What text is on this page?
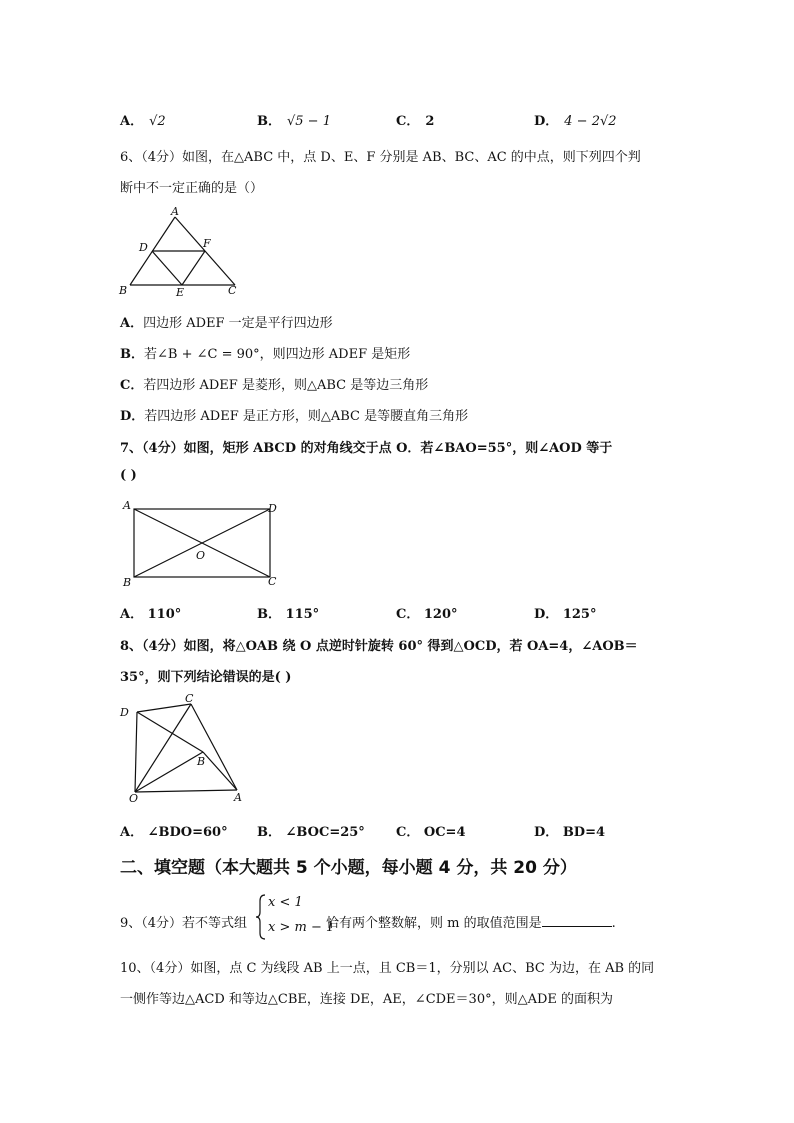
A． √2	B． √5 − 1	C． 2	D． 4 − 2√2
6、（4分）如图，在△ABC 中，点 D、E、F 分别是 AB、BC、AC 的中点，则下列四个判
断中不一定正确的是（）
A
D	F
B	E	C
A．四边形 ADEF 一定是平行四边形
B．若∠B + ∠C = 90°，则四边形 ADEF 是矩形
C．若四边形 ADEF 是菱形，则△ABC 是等边三角形
D．若四边形 ADEF 是正方形，则△ABC 是等腰直角三角形
7、（4分）如图，矩形 ABCD 的对角线交于点 O．若∠BAO=55°，则∠AOD 等于
( )
A	D
O
B	C
A． 110°	B． 115°	C． 120°	D． 125°
8、（4分）如图，将△OAB 绕 O 点逆时针旋转 60° 得到△OCD，若 OA=4，∠AOB＝
35°，则下列结论错误的是( )
D
C
B
O	A
A． ∠BDO=60° B． ∠BOC=25° C． OC=4	D． BD=4
二、填空题（本大题共 5 个小题，每小题 4 分，共 20 分）
9、（4分）若不等式组
x < 1
x > m − 1
恰有两个整数解，则 m 的取值范围是	.
10、（4分）如图，点 C 为线段 AB 上一点，且 CB＝1，分别以 AC、BC 为边，在 AB 的同
一侧作等边△ACD 和等边△CBE，连接 DE，AE，∠CDE＝30°，则△ADE 的面积为
